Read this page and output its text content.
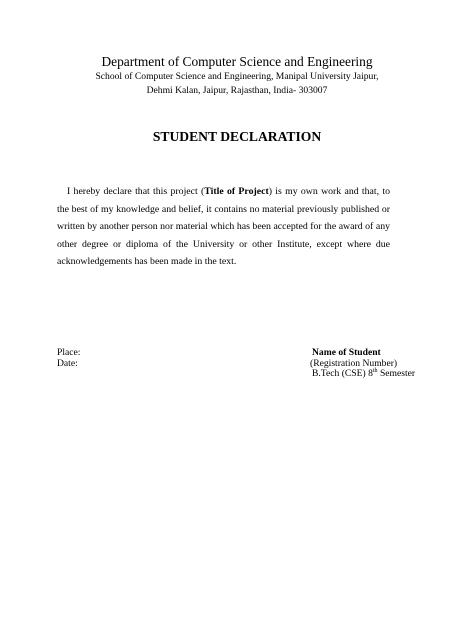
Department of Computer Science and Engineering
School of Computer Science and Engineering, Manipal University Jaipur,
Dehmi Kalan, Jaipur, Rajasthan, India- 303007
STUDENT DECLARATION

I hereby declare that this project (Title of Project) is my own work and that, to the best of my knowledge and belief, it contains no material previously published or written by another person nor material which has been accepted for the award of any other degree or diploma of the University or other Institute, except where due acknowledgements has been made in the text.

Place:
Date:
Name of Student
(Registration Number)
B.Tech (CSE) 8th Semester
